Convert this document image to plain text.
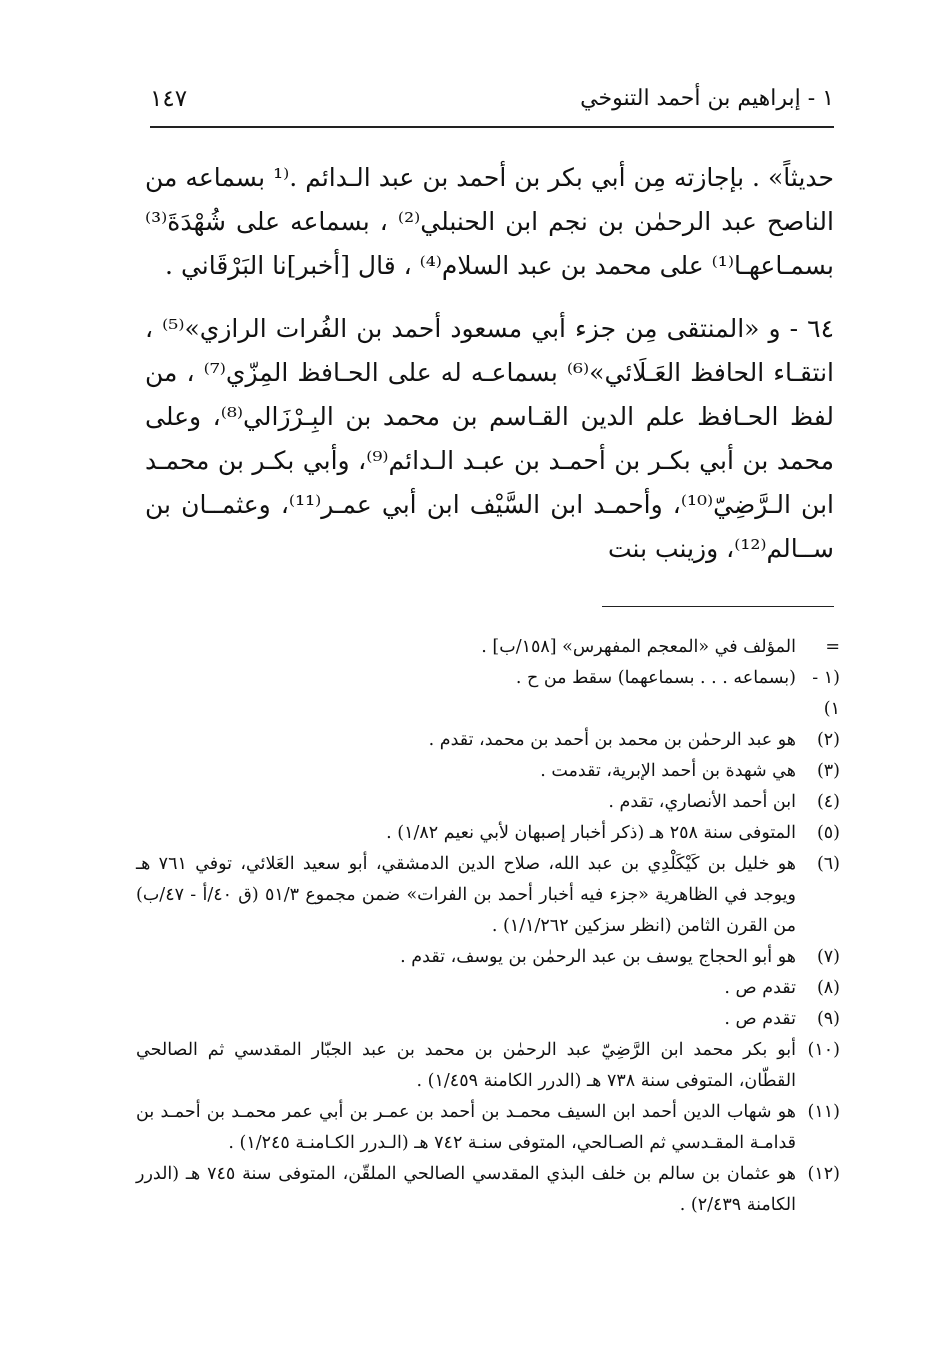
١ - إبراهيم بن أحمد التنوخي
١٤٧

حديثاً» . بإجازته مِن أبي بكر بن أحمد بن عبد الـدائم .⁽¹ بسماعه من الناصح عبد الرحمٰن بن نجم ابن الحنبلي⁽²⁾ ، بسماعه على شُهْدَةَ⁽³⁾ بسمـاعهـا⁽¹⁾ على محمد بن عبد السلام⁽⁴⁾ ، قال [أخبر]نا البَرْقَاني .

٦٤ - و «المنتقى مِن جزء أبي مسعود أحمد بن الفُرات الرازي»⁽⁵⁾ ، انتقـاء الحافظ العَـلَائي»⁽⁶⁾ بسماعـه له على الحـافظ المِزّي⁽⁷⁾ ، من لفظ الحـافظ علم الدين القـاسم بن محمد بن البِـرْزَالي⁽⁸⁾، وعلى محمد بن أبي بكـر بن أحمـد بن عبـد الـدائم⁽⁹⁾، وأبي بكـر بن محمـد ابن الـرَّضِيّ⁽¹⁰⁾، وأحمـد ابن السَّيْف ابن أبي عمـر⁽¹¹⁾، وعثمــان بن ســالم⁽¹²⁾، وزينب بنت

=
المؤلف في «المعجم المفهرس» [١٥٨/ب] .
(١ - ١)
(بسماعه . . . بسماعهما) سقط من ح .
(٢)
هو عبد الرحمٰن بن محمد بن أحمد بن محمد، تقدم .
(٣)
هي شهدة بن أحمد الإبرية، تقدمت .
(٤)
ابن أحمد الأنصاري، تقدم .
(٥)
المتوفى سنة ٢٥٨ هـ (ذكر أخبار إصبهان لأبي نعيم ١/٨٢) .
(٦)
هو خليل بن كَيْكَلْدِي بن عبد الله، صلاح الدين الدمشقي، أبو سعيد العَلائي، توفي ٧٦١ هـ ويوجد في الظاهرية «جزء فيه أخبار أحمد بن الفرات» ضمن مجموع ٥١/٣ (ق ٤٠/أ - ٤٧/ب) من القرن الثامن (انظر سزكين ١/١/٢٦٢) .
(٧)
هو أبو الحجاج يوسف بن عبد الرحمٰن بن يوسف، تقدم .
(٨)
تقدم ص .
(٩)
تقدم ص .
(١٠)
أبو بكر محمد ابن الرَّضِيّ عبد الرحمٰن بن محمد بن عبد الجبّار المقدسي ثم الصالحي القطّان، المتوفى سنة ٧٣٨ هـ (الدرر الكامنة ١/٤٥٩) .
(١١)
هو شهاب الدين أحمد ابن السيف محمـد بن أحمد بن عمـر بن أبي عمر محمـد بن أحمـد بن قدامـة المقـدسي ثم الصـالحي، المتوفى سنـة ٧٤٢ هـ (الـدرر الكـامنـة ١/٢٤٥) .
(١٢)
هو عثمان بن سالم بن خلف البذي المقدسي الصالحي الملقّن، المتوفى سنة ٧٤٥ هـ (الدرر الكامنة ٢/٤٣٩) .
